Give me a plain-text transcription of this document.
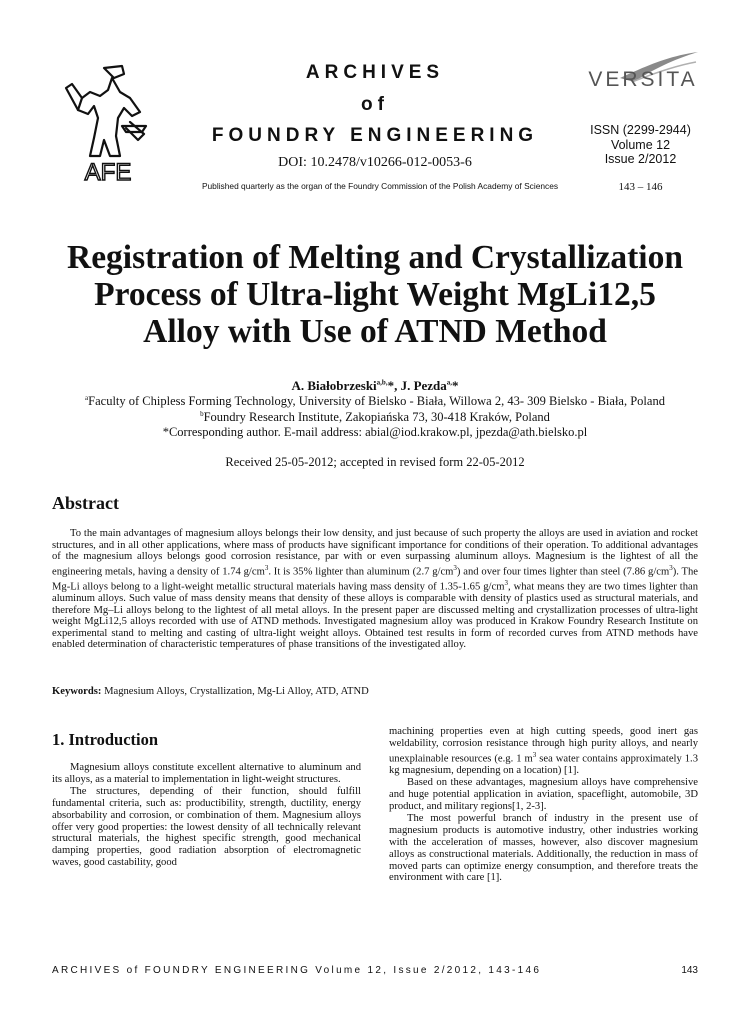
AFE
ARCHIVES
of
FOUNDRY ENGINEERING
DOI: 10.2478/v10266-012-0053-6
Published quarterly as the organ of the Foundry Commission of the Polish Academy of Sciences
VERSITA
ISSN (2299-2944)
Volume 12
Issue 2/2012
143 – 146
Registration of Melting and Crystallization
Process of Ultra-light Weight MgLi12,5
Alloy with Use of ATND Method
A. Białobrzeski$^{a,b,}$*, J. Pezda$^{a,}$*
$^a$Faculty of Chipless Forming Technology, University of Bielsko - Biała, Willowa 2, 43- 309 Bielsko - Biała, Poland
$^b$Foundry Research Institute, Zakopiańska 73, 30-418 Kraków, Poland
*Corresponding author. E-mail address: abial@iod.krakow.pl, jpezda@ath.bielsko.pl
Received 25-05-2012; accepted in revised form 22-05-2012
Abstract
To the main advantages of magnesium alloys belongs their low density, and just because of such property the alloys are used in aviation and rocket structures, and in all other applications, where mass of products have significant importance for conditions of their operation. To additional advantages of the magnesium alloys belongs good corrosion resistance, par with or even surpassing aluminum alloys. Magnesium is the lightest of all the engineering metals, having a density of 1.74 $g/cm^3$. It is 35% lighter than aluminum (2.7 $g/cm^3$) and over four times lighter than steel (7.86 $g/cm^3$). The Mg-Li alloys belong to a light-weight metallic structural materials having mass density of 1.35-1.65 $g/cm^3$, what means they are two times lighter than aluminum alloys. Such value of mass density means that density of these alloys is comparable with density of plastics used as structural materials, and therefore Mg–Li alloys belong to the lightest of all metal alloys. In the present paper are discussed melting and crystallization processes of ultra-light weight MgLi12,5 alloys recorded with use of ATND methods. Investigated magnesium alloy was produced in Krakow Foundry Research Institute on experimental stand to melting and casting of ultra-light weight alloys. Obtained test results in form of recorded curves from ATND methods have enabled determination of characteristic temperatures of phase transitions of the investigated alloy.
Keywords: Magnesium Alloys, Crystallization, Mg-Li Alloy, ATD, ATND
1. Introduction

Magnesium alloys constitute excellent alternative to aluminum and its alloys, as a material to implementation in light-weight structures.

The structures, depending of their function, should fulfill fundamental criteria, such as: productibility, strength, ductility, energy absorbability and corrosion, or combination of them. Magnesium alloys offer very good properties: the lowest density of all technically relevant structural materials, the highest specific strength, good mechanical damping properties, good radiation absorption of electromagnetic waves, good castability, good

machining properties even at high cutting speeds, good inert gas weldability, corrosion resistance through high purity alloys, and nearly unexplainable resources (e.g. 1 $m^3$ sea water contains approximately 1.3 kg magnesium, depending on a location) [1].

Based on these advantages, magnesium alloys have comprehensive and huge potential application in aviation, spaceflight, automobile, 3D product, and military regions[1, 2-3].

The most powerful branch of industry in the present use of magnesium products is automotive industry, other industries working with the acceleration of masses, however, also discover magnesium alloys as constructional materials. Additionally, the reduction in mass of moved parts can optimize energy consumption, and therefore treats the environment with care [1].

ARCHIVES of FOUNDRY ENGINEERING Volume 12, Issue 2/2012, 143-146	143
